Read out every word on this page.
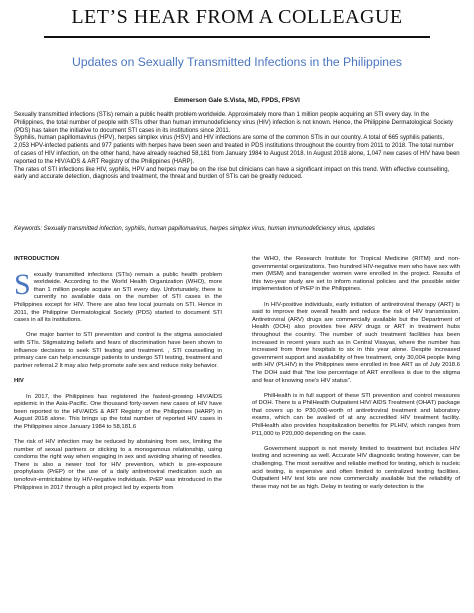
LET’S HEAR FROM A COLLEAGUE
Updates on Sexually Transmitted Infections in the Philippines
Emmerson Gale S.Vista, MD, FPDS, FPSVI

Sexually transmitted infections (STIs) remain a public health problem worldwide. Approximately more than 1 million people acquiring an STI every day. In the Philippines, the total number of people with STIs other than human immunodeficiency virus (HIV) infection is not known. Hence, the Philippine Dermatological Society (PDS) has taken the initiative to document STI cases in its institutions since 2011.

Syphilis, human papillomavirus (HPV), herpes simplex virus (HSV) and HIV infections are some of the common STIs in our country. A total of 665 syphilis patients, 2,053 HPV-infected patients and 977 patients with herpes have been seen and treated in PDS institutions throughout the country from 2011 to 2018. The total number of cases of HIV infection, on the other hand, have already reached 58,181 from January 1984 to August 2018. In August 2018 alone, 1,047 new cases of HIV have been reported to the HIV/AIDS & ART Registry of the Philippines (HARP).

The rates of STI infections like HIV, syphilis, HPV and herpes may be on the rise but clinicians can have a significant impact on this trend. With effective counselling, early and accurate detection, diagnosis and treatment, the threat and burden of STIs can be greatly reduced.

Keywords: Sexually transmitted infection, syphilis, human papillomavirus, herpes simplex virus, human immunodeficiency virus, updates
INTRODUCTION

Sexually transmitted infections (STIs) remain a public health problem worldwide. According to the World Health Organization (WHO), more than 1 million people acquire an STI every day. Unfortunately, there is currently no available data on the number of STI cases in the Philippines except for HIV. There are also few local journals on STI. Hence in 2011, the Philippine Dermatological Society (PDS) started to document STI cases in all its institutions.

One major barrier to STI prevention and control is the stigma associated with STIs. Stigmatizing beliefs and fears of discrimination have been shown to influence decisions to seek STI testing and treatment. , STI counselling in primary care can help encourage patients to undergo STI testing, treatment and partner referral.2 It may also help promote safe sex and reduce risky behavior.

HIV

In 2017, the Philippines has registered the fastest-growing HIV/AIDS epidemic in the Asia-Pacific. One thousand forty-seven new cases of HIV have been reported to the HIV/AIDS & ART Registry of the Philippines (HARP) in August 2018 alone. This brings up the total number of reported HIV cases in the Philippines since January 1984 to 58,181.6

The risk of HIV infection may be reduced by abstaining from sex, limiting the number of sexual partners or sticking to a monogamous relationship, using condoms the right way when engaging in sex and avoiding sharing of needles. There is also a newer tool for HIV prevention, which is pre-exposure prophylaxis (PrEP) or the use of a daily antiretroviral medication such as tenofovir-emtricitabine by HIV-negative individuals. PrEP was introduced in the Philippines in 2017 through a pilot project led by experts from

the WHO, the Research Institute for Tropical Medicine (RITM) and non-governmental organizations. Two hundred HIV-negative men who have sex with men (MSM) and transgender women were enrolled in the project. Results of this two-year study are set to inform national policies and the possible wider implementation of PrEP in the Philippines.

In HIV-positive individuals, early initiation of antiretroviral therapy (ART) is said to improve their overall health and reduce the risk of HIV transmission. Antiretroviral (ARV) drugs are commercially available but the Department of Health (DOH) also provides free ARV drugs or ART in treatment hubs throughout the country. The number of such treatment facilities has been increased in recent years such as in Central Visayas, where the number has increased from three hospitals to six in this year alone. Despite increased government support and availability of free treatment, only 30,004 people living with HIV (PLHIV) in the Philippines were enrolled in free ART as of July 2018.6 The DOH said that "the low percentage of ART enrollees is due to the stigma and fear of knowing one's HIV status".

PhilHealth is in full support of these STI prevention and control measures of DOH. There is a PhilHealth Outpatient HIV/ AIDS Treatment (OHAT) package that covers up to P30,000-worth of antiretroviral treatment and laboratory exams, which can be availed of at any accredited HIV treatment facility. PhilHealth also provides hospitalization benefits for PLHIV, which ranges from P11,000 to P20,000 depending on the case.

Government support is not merely limited to treatment but includes HIV testing and screening as well. Accurate HIV diagnostic testing however, can be challenging. The most sensitive and reliable method for testing, which is nucleic acid testing, is expensive and often limited to centralized testing facilities. Outpatient HIV test kits are now commercially available but the reliability of these may not be as high. Delay in testing or early detection is the
